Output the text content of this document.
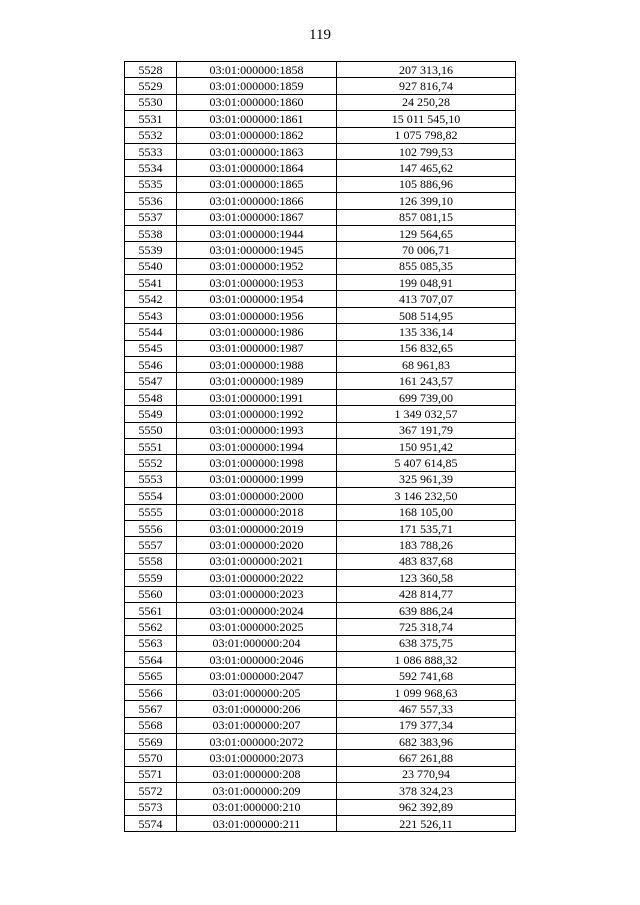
119
5528	03:01:000000:1858	207 313,16
5529	03:01:000000:1859	927 816,74
5530	03:01:000000:1860	24 250,28
5531	03:01:000000:1861	15 011 545,10
5532	03:01:000000:1862	1 075 798,82
5533	03:01:000000:1863	102 799,53
5534	03:01:000000:1864	147 465,62
5535	03:01:000000:1865	105 886,96
5536	03:01:000000:1866	126 399,10
5537	03:01:000000:1867	857 081,15
5538	03:01:000000:1944	129 564,65
5539	03:01:000000:1945	70 006,71
5540	03:01:000000:1952	855 085,35
5541	03:01:000000:1953	199 048,91
5542	03:01:000000:1954	413 707,07
5543	03:01:000000:1956	508 514,95
5544	03:01:000000:1986	135 336,14
5545	03:01:000000:1987	156 832,65
5546	03:01:000000:1988	68 961,83
5547	03:01:000000:1989	161 243,57
5548	03:01:000000:1991	699 739,00
5549	03:01:000000:1992	1 349 032,57
5550	03:01:000000:1993	367 191,79
5551	03:01:000000:1994	150 951,42
5552	03:01:000000:1998	5 407 614,85
5553	03:01:000000:1999	325 961,39
5554	03:01:000000:2000	3 146 232,50
5555	03:01:000000:2018	168 105,00
5556	03:01:000000:2019	171 535,71
5557	03:01:000000:2020	183 788,26
5558	03:01:000000:2021	483 837,68
5559	03:01:000000:2022	123 360,58
5560	03:01:000000:2023	428 814,77
5561	03:01:000000:2024	639 886,24
5562	03:01:000000:2025	725 318,74
5563	03:01:000000:204	638 375,75
5564	03:01:000000:2046	1 086 888,32
5565	03:01:000000:2047	592 741,68
5566	03:01:000000:205	1 099 968,63
5567	03:01:000000:206	467 557,33
5568	03:01:000000:207	179 377,34
5569	03:01:000000:2072	682 383,96
5570	03:01:000000:2073	667 261,88
5571	03:01:000000:208	23 770,94
5572	03:01:000000:209	378 324,23
5573	03:01:000000:210	962 392,89
5574	03:01:000000:211	221 526,11
